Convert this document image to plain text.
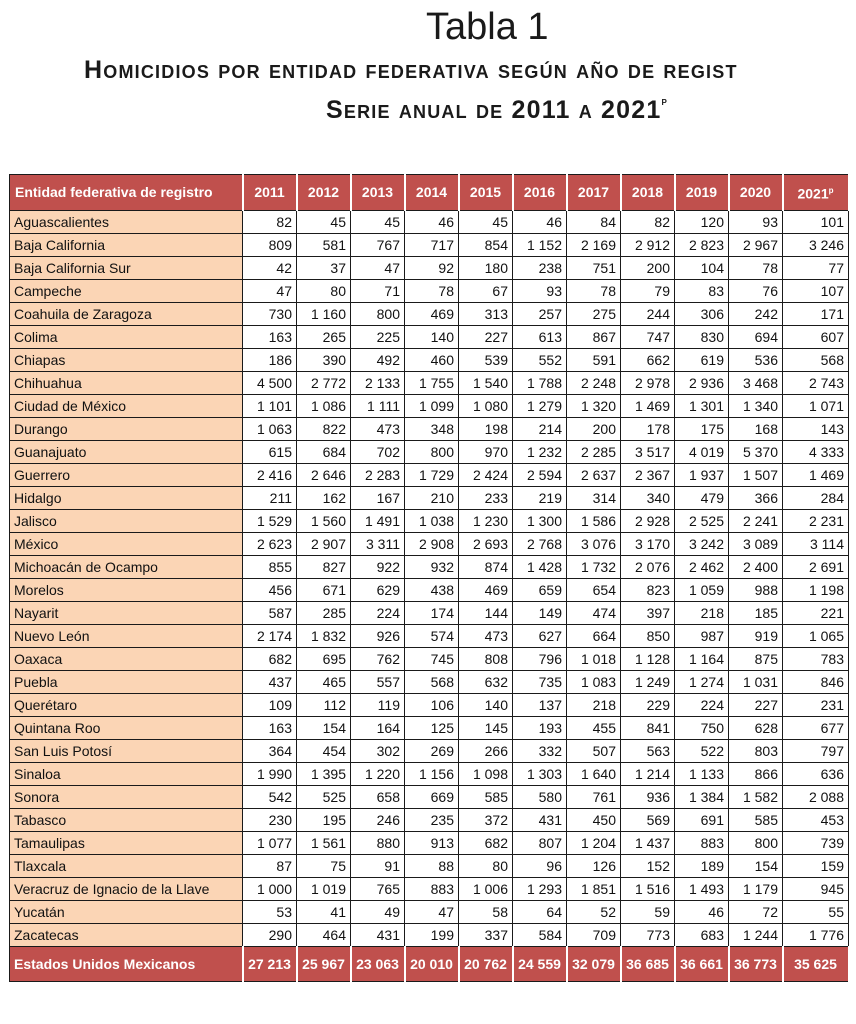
Tabla 1
Homicidios por entidad federativa según año de regist
Serie anual de 2011 a 2021$^p$
Entidad federativa de registro	2011	2012	2013	2014	2015	2016	2017	2018	2019	2020	2021$^p$
Aguascalientes	82	45	45	46	45	46	84	82	120	93	101
Baja California	809	581	767	717	854	1 152	2 169	2 912	2 823	2 967	3 246
Baja California Sur	42	37	47	92	180	238	751	200	104	78	77
Campeche	47	80	71	78	67	93	78	79	83	76	107
Coahuila de Zaragoza	730	1 160	800	469	313	257	275	244	306	242	171
Colima	163	265	225	140	227	613	867	747	830	694	607
Chiapas	186	390	492	460	539	552	591	662	619	536	568
Chihuahua	4 500	2 772	2 133	1 755	1 540	1 788	2 248	2 978	2 936	3 468	2 743
Ciudad de México	1 101	1 086	1 111	1 099	1 080	1 279	1 320	1 469	1 301	1 340	1 071
Durango	1 063	822	473	348	198	214	200	178	175	168	143
Guanajuato	615	684	702	800	970	1 232	2 285	3 517	4 019	5 370	4 333
Guerrero	2 416	2 646	2 283	1 729	2 424	2 594	2 637	2 367	1 937	1 507	1 469
Hidalgo	211	162	167	210	233	219	314	340	479	366	284
Jalisco	1 529	1 560	1 491	1 038	1 230	1 300	1 586	2 928	2 525	2 241	2 231
México	2 623	2 907	3 311	2 908	2 693	2 768	3 076	3 170	3 242	3 089	3 114
Michoacán de Ocampo	855	827	922	932	874	1 428	1 732	2 076	2 462	2 400	2 691
Morelos	456	671	629	438	469	659	654	823	1 059	988	1 198
Nayarit	587	285	224	174	144	149	474	397	218	185	221
Nuevo León	2 174	1 832	926	574	473	627	664	850	987	919	1 065
Oaxaca	682	695	762	745	808	796	1 018	1 128	1 164	875	783
Puebla	437	465	557	568	632	735	1 083	1 249	1 274	1 031	846
Querétaro	109	112	119	106	140	137	218	229	224	227	231
Quintana Roo	163	154	164	125	145	193	455	841	750	628	677
San Luis Potosí	364	454	302	269	266	332	507	563	522	803	797
Sinaloa	1 990	1 395	1 220	1 156	1 098	1 303	1 640	1 214	1 133	866	636
Sonora	542	525	658	669	585	580	761	936	1 384	1 582	2 088
Tabasco	230	195	246	235	372	431	450	569	691	585	453
Tamaulipas	1 077	1 561	880	913	682	807	1 204	1 437	883	800	739
Tlaxcala	87	75	91	88	80	96	126	152	189	154	159
Veracruz de Ignacio de la Llave	1 000	1 019	765	883	1 006	1 293	1 851	1 516	1 493	1 179	945
Yucatán	53	41	49	47	58	64	52	59	46	72	55
Zacatecas	290	464	431	199	337	584	709	773	683	1 244	1 776
Estados Unidos Mexicanos	27 213	25 967	23 063	20 010	20 762	24 559	32 079	36 685	36 661	36 773	35 625
